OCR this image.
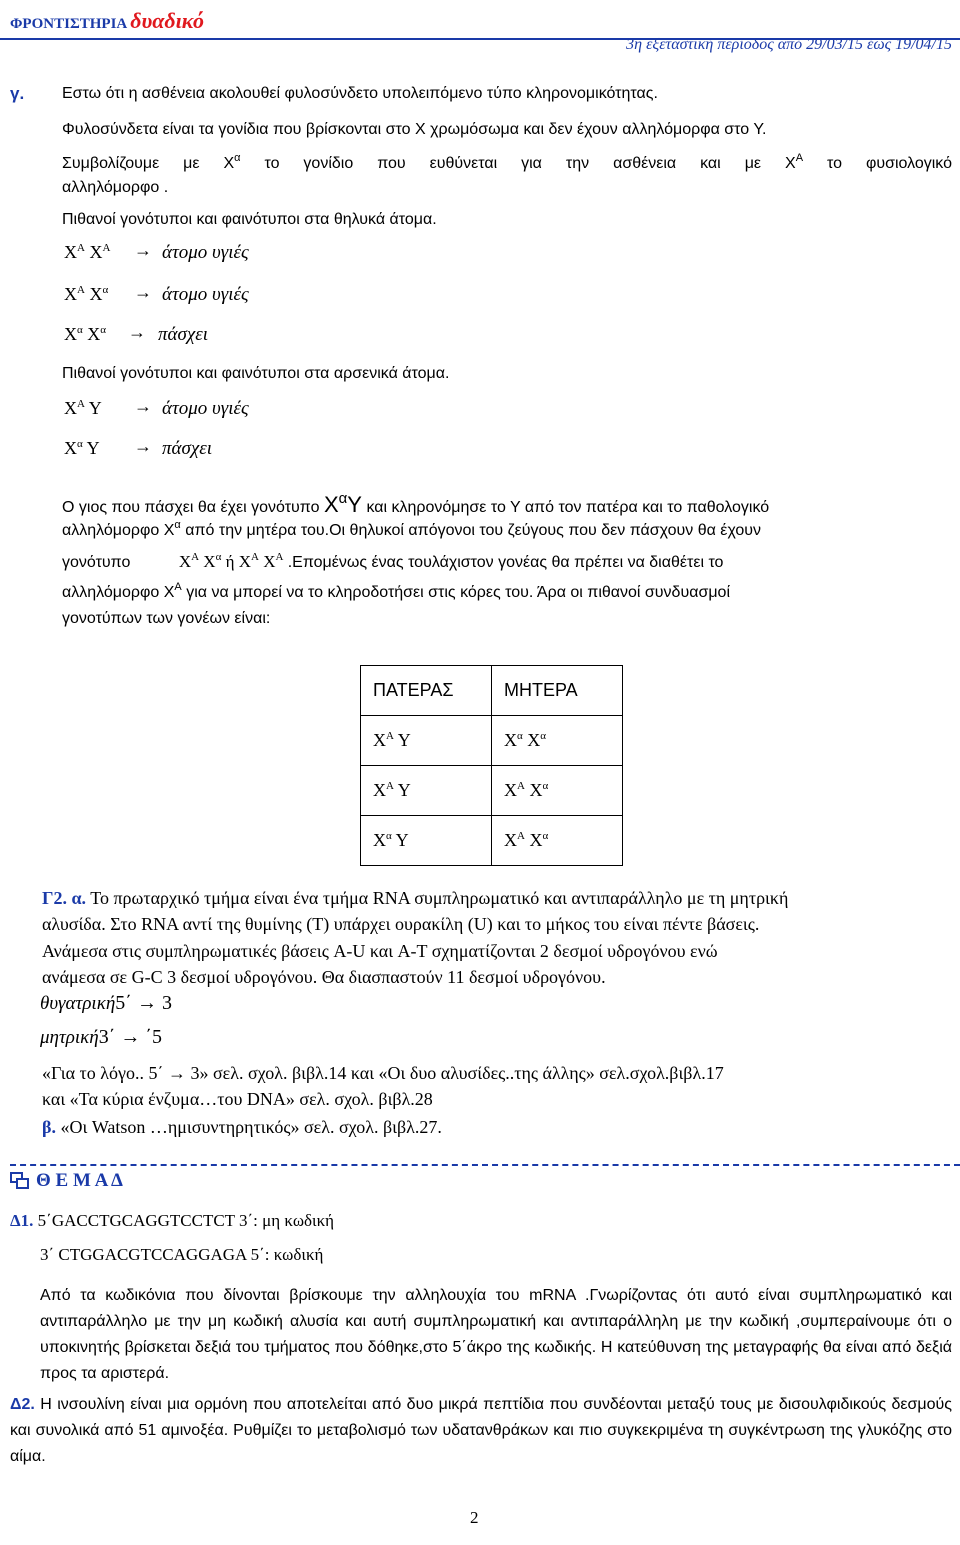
ΦΡΟΝΤΙΣΤΗΡΙΑ δυαδικό
3η εξεταστική περίοδος από 29/03/15 έως 19/04/15
γ. Εστω ότι η ασθένεια ακολουθεί φυλοσύνδετο υπολειπόμενο τύπο κληρονομικότητας.
Φυλοσύνδετα είναι τα γονίδια που βρίσκονται στο Χ χρωμόσωμα και δεν έχουν αλληλόμορφα στο Υ.
Συμβολίζουμε με $X^\alpha$ το γονίδιο που ευθύνεται για την ασθένεια και με $X^A$ το φυσιολογικό
αλληλόμορφο .
Πιθανοί γονότυποι και φαινότυποι στα θηλυκά άτομα.
$X^A$ $X^A \to ά\tau o\mu o$ υγιές
$X^A$ $X^\alpha \to ά\tau o\mu o$ υγιές
$X^\alpha$ $X^\alpha \to \pi ά\sigma\chi\varepsilon\iota$
Πιθανοί γονότυποι και φαινότυποι στα αρσενικά άτομα.
$X^A$ Υ → άτομο υγιές
$X^\alpha$ Υ → πάσχει
Ο γιος που πάσχει θα έχει γονότυπο $X^\alpha\Upsilon$ και κληρονόμησε το Υ από τον πατέρα και το παθολογικό
αλληλόμορφο $X^\alpha$ από την μητέρα του.Οι θηλυκοί απόγονοι του ζεύγους που δεν πάσχουν θα έχουν
γονότυπο	$X^A$ $X^\alpha$ ή $X^A$ $X^A$ .Επομένως ένας τουλάχιστον γονέας θα πρέπει να διαθέτει το
αλληλόμορφο $X^A$ για να μπορεί να το κληροδοτήσει στις κόρες του. Άρα οι πιθανοί συνδυασμοί
γονοτύπων των γονέων είναι:
ΠΑΤΕΡΑΣ	ΜΗΤΕΡΑ
$X^A$ Υ	$X^\alpha$ $X^\alpha$
$X^A$ Υ	$X^A$ $X^\alpha$
$X^\alpha$ Υ	$X^A$ $X^\alpha$
Γ2. α. Το πρωταρχικό τμήμα είναι ένα τμήμα RNA συμπληρωματικό και αντιπαράλληλο με τη μητρική
αλυσίδα. Στο RNA αντί της θυμίνης (Τ) υπάρχει ουρακίλη (U) και το μήκος του είναι πέντε βάσεις.
Ανάμεσα στις συμπληρωματικές βάσεις A-U και A-T σχηματίζονται 2 δεσμοί υδρογόνου ενώ
ανάμεσα σε G-C 3 δεσμοί υδρογόνου. Θα διασπαστούν 11 δεσμοί υδρογόνου.
θυγατρική5΄ → 3
μητρική3΄ → ΄5
«Για το λόγο.. 5΄ → 3» σελ. σχολ. βιβλ.14 και «Οι δυο αλυσίδες..της άλλης» σελ.σχολ.βιβλ.17
και «Τα κύρια ένζυμα…του DNA» σελ. σχολ. βιβλ.28
β. «Οι Watson …ημισυντηρητικός» σελ. σχολ. βιβλ.27.
Θ Ε Μ Α Δ
Δ1. 5΄GACCTGCAGGTCCTCT 3΄: μη κωδική
3΄ CTGGACGTCCAGGAGA 5΄: κωδική
Από τα κωδικόνια που δίνονται βρίσκουμε την αλληλουχία του mRNA .Γνωρίζοντας ότι αυτό είναι συμπληρωματικό και αντιπαράλληλο με την μη κωδική αλυσία και αυτή συμπληρωματική και αντιπαράλληλη με την κωδική ,συμπεραίνουμε ότι ο υποκινητής βρίσκεται δεξιά του τμήματος που δόθηκε,στο 5΄άκρο της κωδικής. Η κατεύθυνση της μεταγραφής θα είναι από δεξιά προς τα αριστερά.
Δ2. Η ινσουλίνη είναι μια ορμόνη που αποτελείται από δυο μικρά πεπτίδια που συνδέονται μεταξύ τους με δισουλφιδικούς δεσμούς και συνολικά από 51 αμινοξέα. Ρυθμίζει το μεταβολισμό των υδατανθράκων και πιο συγκεκριμένα τη συγκέντρωση της γλυκόζης στο αίμα.
2
